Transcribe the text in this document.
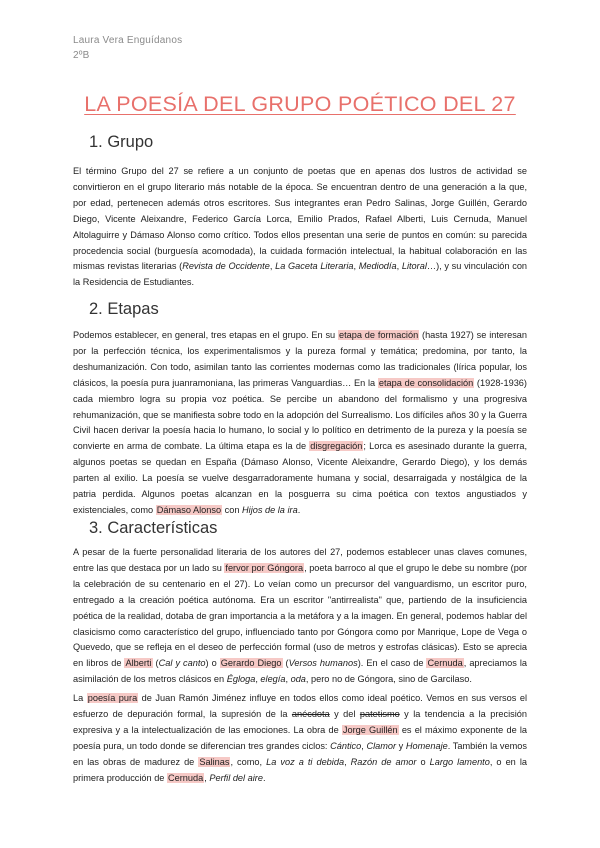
Laura Vera Enguídanos
2ºB
LA POESÍA DEL GRUPO POÉTICO DEL 27
1. Grupo
El término Grupo del 27 se refiere a un conjunto de poetas que en apenas dos lustros de actividad se convirtieron en el grupo literario más notable de la época. Se encuentran dentro de una generación a la que, por edad, pertenecen además otros escritores. Sus integrantes eran Pedro Salinas, Jorge Guillén, Gerardo Diego, Vicente Aleixandre, Federico García Lorca, Emilio Prados, Rafael Alberti, Luis Cernuda, Manuel Altolaguirre y Dámaso Alonso como crítico. Todos ellos presentan una serie de puntos en común: su parecida procedencia social (burguesía acomodada), la cuidada formación intelectual, la habitual colaboración en las mismas revistas literarias (Revista de Occidente, La Gaceta Literaria, Mediodía, Litoral…), y su vinculación con la Residencia de Estudiantes.
2. Etapas
Podemos establecer, en general, tres etapas en el grupo. En su etapa de formación (hasta 1927) se interesan por la perfección técnica, los experimentalismos y la pureza formal y temática; predomina, por tanto, la deshumanización. Con todo, asimilan tanto las corrientes modernas como las tradicionales (lírica popular, los clásicos, la poesía pura juanramoniana, las primeras Vanguardias… En la etapa de consolidación (1928-1936) cada miembro logra su propia voz poética. Se percibe un abandono del formalismo y una progresiva rehumanización, que se manifiesta sobre todo en la adopción del Surrealismo. Los difíciles años 30 y la Guerra Civil hacen derivar la poesía hacia lo humano, lo social y lo político en detrimento de la pureza y la poesía se convierte en arma de combate. La última etapa es la de disgregación; Lorca es asesinado durante la guerra, algunos poetas se quedan en España (Dámaso Alonso, Vicente Aleixandre, Gerardo Diego), y los demás parten al exilio. La poesía se vuelve desgarradoramente humana y social, desarraigada y nostálgica de la patria perdida. Algunos poetas alcanzan en la posguerra su cima poética con textos angustiados y existenciales, como Dámaso Alonso con Hijos de la ira.
3. Características
A pesar de la fuerte personalidad literaria de los autores del 27, podemos establecer unas claves comunes, entre las que destaca por un lado su fervor por Góngora, poeta barroco al que el grupo le debe su nombre (por la celebración de su centenario en el 27). Lo veían como un precursor del vanguardismo, un escritor puro, entregado a la creación poética autónoma. Era un escritor "antirrealista" que, partiendo de la insuficiencia poética de la realidad, dotaba de gran importancia a la metáfora y a la imagen. En general, podemos hablar del clasicismo como característico del grupo, influenciado tanto por Góngora como por Manrique, Lope de Vega o Quevedo, que se refleja en el deseo de perfección formal (uso de metros y estrofas clásicas). Esto se aprecia en libros de Alberti (Cal y canto) o Gerardo Diego (Versos humanos). En el caso de Cernuda, apreciamos la asimilación de los metros clásicos en Égloga, elegía, oda, pero no de Góngora, sino de Garcilaso.
La poesía pura de Juan Ramón Jiménez influye en todos ellos como ideal poético. Vemos en sus versos el esfuerzo de depuración formal, la supresión de la anécdota y del patetismo y la tendencia a la precisión expresiva y a la intelectualización de las emociones. La obra de Jorge Guillén es el máximo exponente de la poesía pura, un todo donde se diferencian tres grandes ciclos: Cántico, Clamor y Homenaje. También la vemos en las obras de madurez de Salinas, como, La voz a ti debida, Razón de amor o Largo lamento, o en la primera producción de Cernuda, Perfil del aire.
